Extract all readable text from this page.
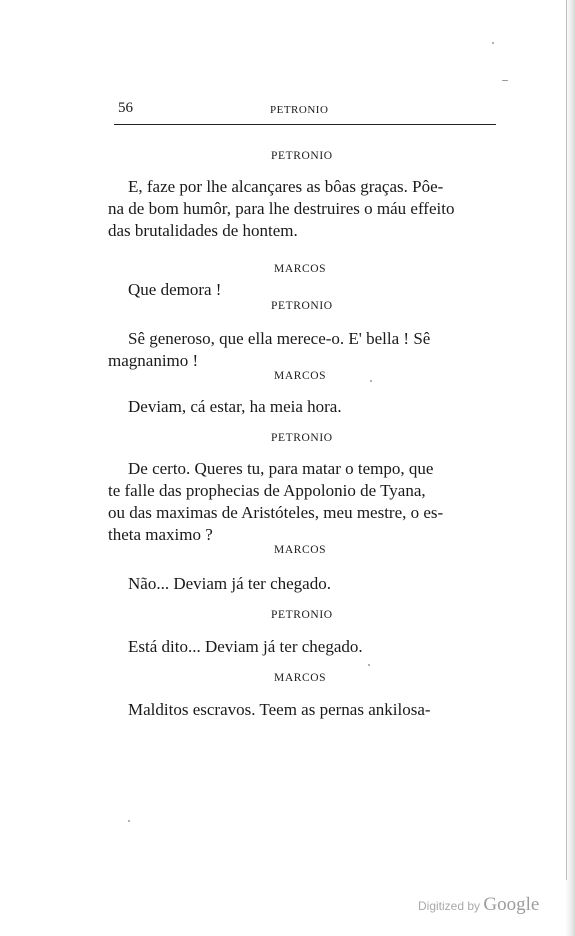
56	PETRONIO
PETRONIO

E, faze por lhe alcançares as bôas graças. Pôe-
na de bom humôr, para lhe destruires o máu effeito
das brutalidades de hontem.

MARCOS

Que demora !

PETRONIO

Sê generoso, que ella merece-o. E' bella ! Sê
magnanimo !

MARCOS

Deviam, cá estar, ha meia hora.

PETRONIO

De certo. Queres tu, para matar o tempo, que
te falle das prophecias de Appolonio de Tyana,
ou das maximas de Aristóteles, meu mestre, o es-
theta maximo ?

MARCOS

Não... Deviam já ter chegado.

PETRONIO

Está dito... Deviam já ter chegado.

MARCOS

Malditos escravos. Teem as pernas ankilosa-

Digitized by Google
